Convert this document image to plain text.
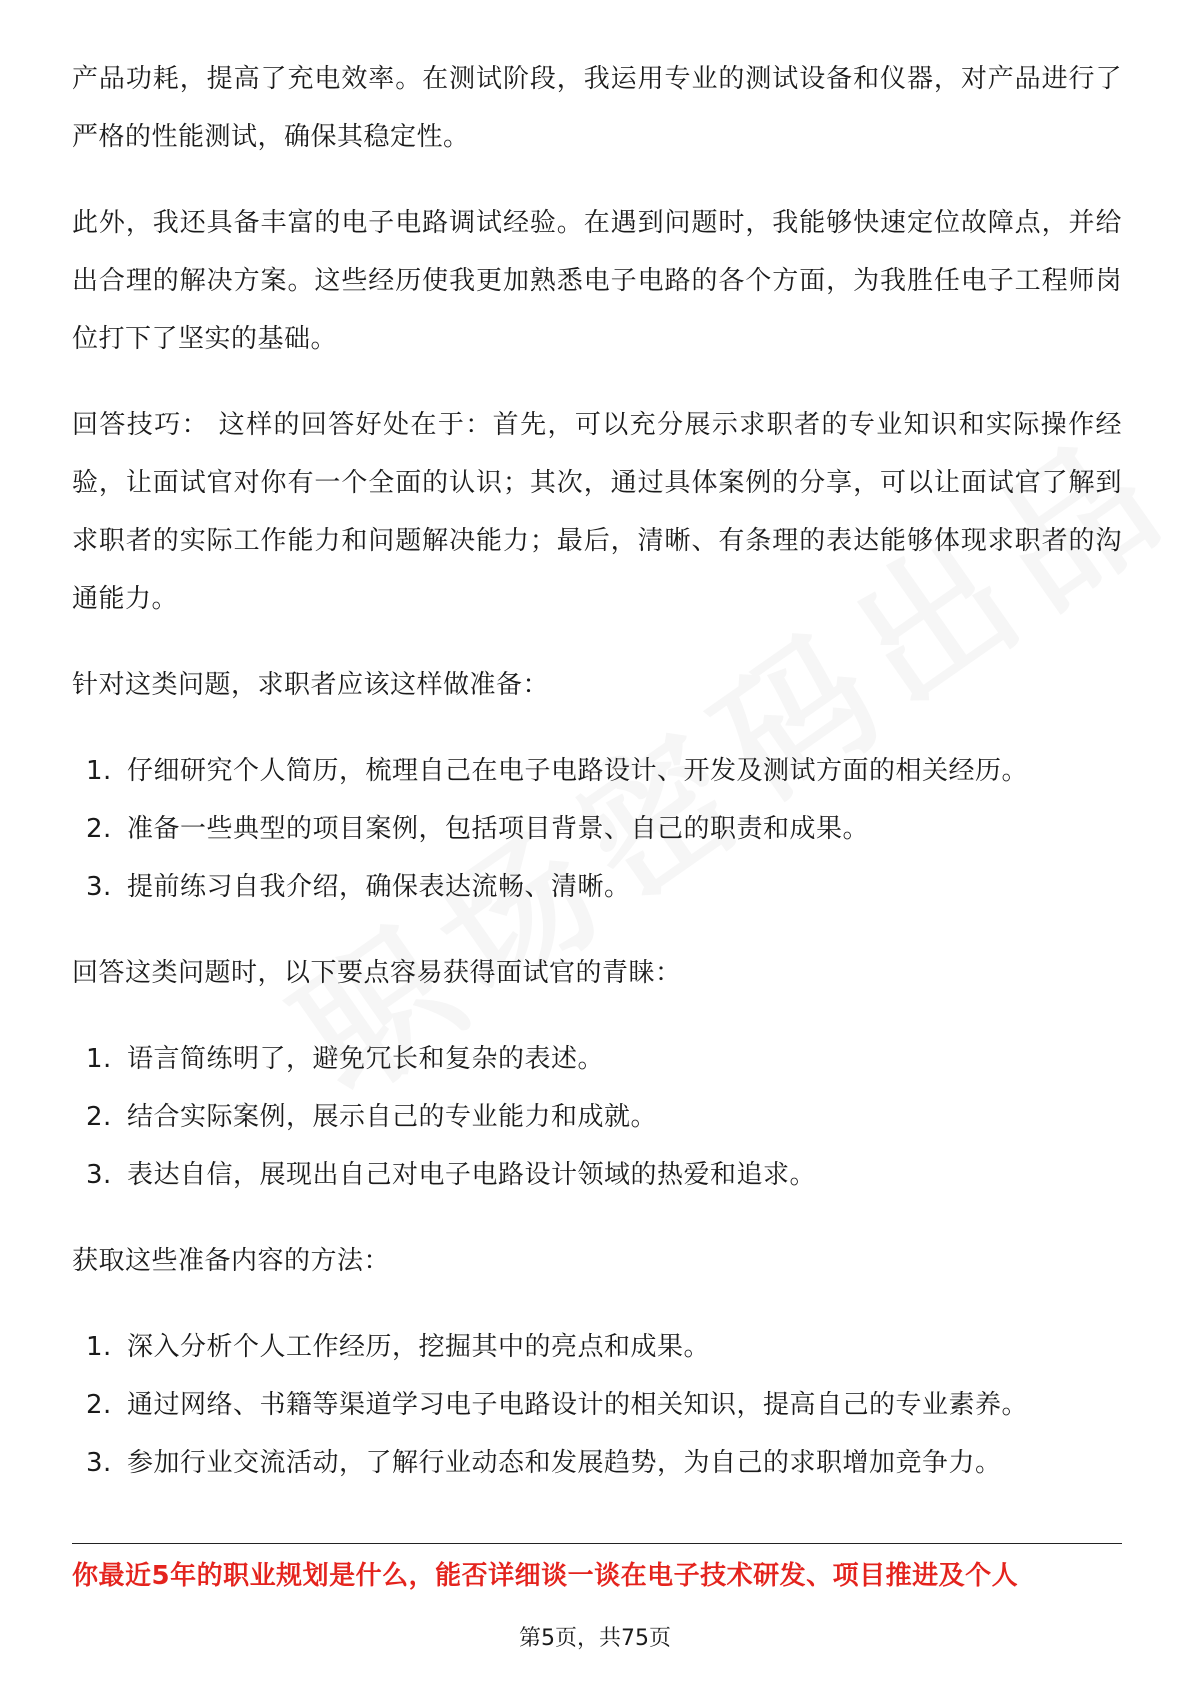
产品功耗，提高了充电效率。在测试阶段，我运用专业的测试设备和仪器，对产品进行了严格的性能测试，确保其稳定性。

此外，我还具备丰富的电子电路调试经验。在遇到问题时，我能够快速定位故障点，并给出合理的解决方案。这些经历使我更加熟悉电子电路的各个方面，为我胜任电子工程师岗位打下了坚实的基础。

回答技巧： 这样的回答好处在于：首先，可以充分展示求职者的专业知识和实际操作经验，让面试官对你有一个全面的认识；其次，通过具体案例的分享，可以让面试官了解到求职者的实际工作能力和问题解决能力；最后，清晰、有条理的表达能够体现求职者的沟通能力。

针对这类问题，求职者应该这样做准备：

1. 仔细研究个人简历，梳理自己在电子电路设计、开发及测试方面的相关经历。
2. 准备一些典型的项目案例，包括项目背景、自己的职责和成果。
3. 提前练习自我介绍，确保表达流畅、清晰。

回答这类问题时，以下要点容易获得面试官的青睐：

1. 语言简练明了，避免冗长和复杂的表述。
2. 结合实际案例，展示自己的专业能力和成就。
3. 表达自信，展现出自己对电子电路设计领域的热爱和追求。

获取这些准备内容的方法：

1. 深入分析个人工作经历，挖掘其中的亮点和成果。
2. 通过网络、书籍等渠道学习电子电路设计的相关知识，提高自己的专业素养。
3. 参加行业交流活动，了解行业动态和发展趋势，为自己的求职增加竞争力。
你最近5年的职业规划是什么，能否详细谈一谈在电子技术研发、项目推进及个人
第5页，共75页
